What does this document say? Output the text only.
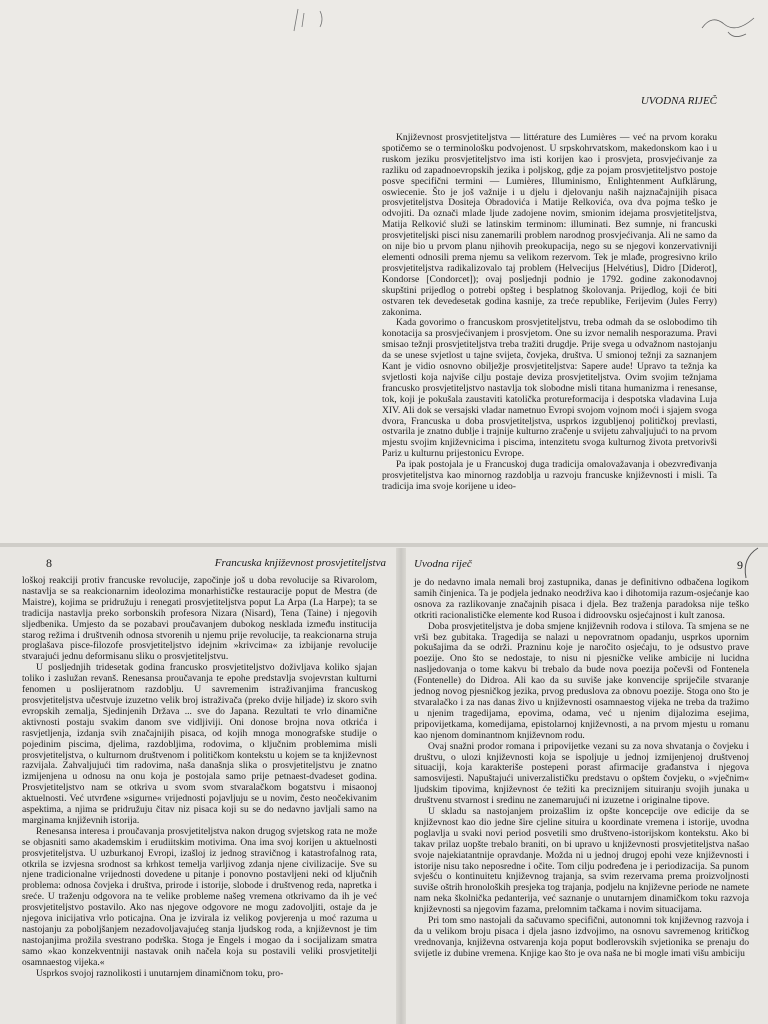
UVODNA RIJEČ

Književnost prosvjetiteljstva — littérature des Lumières — već na prvom koraku spotičemo se o terminološku podvojenost. U srpskohrvatskom, makedonskom kao i u ruskom jeziku prosvjetiteljstvo ima isti korijen kao i prosvjeta, prosvjećivanje za razliku od zapadnoevropskih jezika i poljskog, gdje za pojam prosvjetiteljstvo postoje posve specifični termini — Lumières, Illuminismo, Enlightenment Aufklärung, oswiecenie. Što je još važnije i u djelu i djelovanju naših najznačajnijih pisaca prosvjetiteljstva Dositeja Obradovića i Matije Relkovića, ova dva pojma teško je odvojiti. Da označi mlade ljude zadojene novim, smionim idejama prosvjetiteljstva, Matija Relković služi se latinskim terminom: illuminati. Bez sumnje, ni francuski prosvjetiteljski pisci nisu zanemarili problem narodnog prosvjećivanja. Ali ne samo da on nije bio u prvom planu njihovih preokupacija, nego su se njegovi konzervativniji elementi odnosili prema njemu sa velikom rezervom. Tek je mlađe, progresivno krilo prosvjetiteljstva radikalizovalo taj problem (Helvecijus [Helvétius], Didro [Diderot], Kondorse [Condorcet]); ovaj posljednji podnio je 1792. godine zakonodavnoj skupštini prijedlog o potrebi opšteg i besplatnog školovanja. Prijedlog, koji će biti ostvaren tek devedesetak godina kasnije, za treće republike, Ferijevim (Jules Ferry) zakonima.

Kada govorimo o francuskom prosvjetiteljstvu, treba odmah da se oslobodimo tih konotacija sa prosvjećivanjem i prosvjetom. One su izvor nemalih nesporazuma. Pravi smisao težnji prosvjetiteljstva treba tražiti drugdje. Prije svega u odvažnom nastojanju da se unese svjetlost u tajne svijeta, čovjeka, društva. U smionoj težnji za saznanjem Kant je vidio osnovno obilježje prosvjetiteljstva: Sapere aude! Upravo ta težnja ka svjetlosti koja najviše cilju postaje deviza prosvjetiteljstva. Ovim svojim težnjama francusko prosvjetiteljstvo nastavlja tok slobodne misli titana humanizma i renesanse, tok, koji je pokušala zaustaviti katolička protureformacija i despotska vladavina Luja XIV. Ali dok se versajski vladar nametnuo Evropi svojom vojnom moći i sjajem svoga dvora, Francuska u doba prosvjetiteljstva, usprkos izgubljenoj političkoj prevlasti, ostvarila je znatno dublje i trajnije kulturno zračenje u svijetu zahvaljujući to na prvom mjestu svojim književnicima i piscima, intenzitetu svoga kulturnog života pretvorivši Pariz u kulturnu prijestonicu Evrope.

Pa ipak postojala je u Francuskoj duga tradicija omalovažavanja i obezvređivanja prosvjetiteljstva kao minornog razdoblja u razvoju francuske književnosti i misli. Ta tradicija ima svoje korijene u ideo-

8	Francuska književnost prosvjetiteljstva

loškoj reakciji protiv francuske revolucije, započinje još u doba revolucije sa Rivarolom, nastavlja se sa reakcionarnim ideolozima monarhističke restauracije poput de Mestra (de Maistre), kojima se pridružuju i renegati prosvjetiteljstva poput La Arpa (La Harpe); ta se tradicija nastavlja preko sorbonskih profesora Nizara (Nisard), Tena (Taine) i njegovih sljedbenika. Umjesto da se pozabavi proučavanjem dubokog nesklada između institucija starog režima i društvenih odnosa stvorenih u njemu prije revolucije, ta reakcionarna struja proglašava pisce-filozofe prosvjetiteljstvo idejnim »krivcima« za izbijanje revolucije stvarajući jednu deformisanu sliku o prosvjetiteljstvu.

U posljednjih tridesetak godina francusko prosvjetiteljstvo doživljava koliko sjajan toliko i zaslužan revanš. Renesansa proučavanja te epohe predstavlja svojevrstan kulturni fenomen u poslijeratnom razdoblju. U savremenim istraživanjima francuskog prosvjetiteljstva učestvuje izuzetno velik broj istraživača (preko dvije hiljade) iz skoro svih evropskih zemalja, Sjedinjenih Država ... sve do Japana. Rezultati te vrlo dinamične aktivnosti postaju svakim danom sve vidljiviji. Oni donose brojna nova otkrića i rasvjetljenja, izdanja svih značajnijih pisaca, od kojih mnoga monografske studije o pojedinim piscima, djelima, razdobljima, rodovima, o ključnim problemima misli prosvjetiteljstva, o kulturnom društvenom i političkom kontekstu u kojem se ta književnost razvijala. Zahvaljujući tim radovima, naša današnja slika o prosvjetiteljstvu je znatno izmijenjena u odnosu na onu koja je postojala samo prije petnaest-dvadeset godina. Prosvjetiteljstvo nam se otkriva u svom svom stvaralačkom bogatstvu i misaonoj aktuelnosti. Već utvrđene »sigurne« vrijednosti pojavljuju se u novim, često neočekivanim aspektima, a njima se pridružuju čitav niz pisaca koji su se do nedavno javljali samo na marginama književnih istorija.

Renesansa interesa i proučavanja prosvjetiteljstva nakon drugog svjetskog rata ne može se objasniti samo akademskim i erudiitskim motivima. Ona ima svoj korijen u aktuelnosti prosvjetiteljstva. U uzburkanoj Evropi, izašloj iz jednog stravičnog i katastrofalnog rata, otkrila se izvjesna srodnost sa krhkost temelja varljivog zdanja njene civilizacije. Sve su njene tradicionalne vrijednosti dovedene u pitanje i ponovno postavljeni neki od ključnih problema: odnosa čovjeka i društva, prirode i istorije, slobode i društvenog reda, napretka i sreće. U traženju odgovora na te velike probleme našeg vremena otkrivamo da ih je već prosvjetiteljstvo postavilo. Ako nas njegove odgovore ne mogu zadovoljiti, ostaje da je njegova inicijativa vrlo poticajna. Ona je izvirala iz velikog povjerenja u moć razuma u nastojanju za poboljšanjem nezadovoljavajućeg stanja ljudskog roda, a književnost je tim nastojanjima prožila svestrano podrška. Stoga je Engels i mogao da i socijalizam smatra samo »kao konzekventniji nastavak onih načela koja su postavili veliki prosvjetitelji osamnaestog vijeka.«

Usprkos svojoj raznolikosti i unutarnjem dinamičnom toku, pro-

Uvodna riječ	9

je do nedavno imala nemali broj zastupnika, danas je definitivno odbačena logikom samih činjenica. Ta je podjela jednako neodrživa kao i dihotomija razum-osjećanje kao osnova za razlikovanje značajnih pisaca i djela. Bez traženja paradoksa nije teško otkriti racionalističke elemente kod Rusoa i didroovsku osjećajnost i kult zanosa.

Doba prosvjetiteljstva je doba smjene književnih rodova i stilova. Ta smjena se ne vrši bez gubitaka. Tragedija se nalazi u nepovratnom opadanju, usprkos upornim pokušajima da se održi. Prazninu koje je naročito osjećaju, to je odsustvo prave poezije. Ono što se nedostaje, to nisu ni pjesničke velike ambicije ni lucidna nasljedovanja o tome kakvu bi trebalo da bude nova poezija počevši od Fontenela (Fontenelle) do Didroa. Ali kao da su suviše jake konvencije spriječile stvaranje jednog novog pjesničkog jezika, prvog preduslova za obnovu poezije. Stoga ono što je stvaralačko i za nas danas živo u književnosti osamnaestog vijeka ne treba da tražimo u njenim tragedijama, epovima, odama, već u njenim dijalozima esejima, pripovijetkama, komedijama, epistolarnoj književnosti, a na prvom mjestu u romanu kao njenom dominantnom književnom rodu.

Ovaj snažni prodor romana i pripovijetke vezani su za nova shvatanja o čovjeku i društvu, o ulozi književnosti koja se ispoljuje u jednoj izmijenjenoj društvenoj situaciji, koja karakteriše postepeni porast afirmacije građanstva i njegova samosvijesti. Napuštajući univerzalističku predstavu o opštem čovjeku, o »vječnim« ljudskim tipovima, književnost će težiti ka preciznijem situiranju svojih junaka u društvenu stvarnost i sredinu ne zanemarujući ni izuzetne i originalne tipove.

U skladu sa nastojanjem proizašlim iz opšte koncepcije ove edicije da se književnost kao dio jedne šire cjeline situira u koordinate vremena i istorije, uvodna poglavlja u svaki novi period posvetili smo društveno-istorijskom kontekstu. Ako bi takav prilaz uopšte trebalo braniti, on bi upravo u književnosti prosvjetiteljstva našao svoje najekiatantnije opravdanje. Možda ni u jednoj drugoj epohi veze književnosti i istorije nisu tako neposredne i očite. Tom cilju podređena je i periodizacija. Sa punom svješću o kontinuitetu književnog trajanja, sa svim rezervama prema proizvoljnosti suviše oštrih hronoloških presjeka tog trajanja, podjelu na književne periode ne namete nam neka školnička pedanterija, već saznanje o unutarnjem dinamičkom toku razvoja književnosti sa njegovim fazama, prelomnim tačkama i novim situacijama.

Pri tom smo nastojali da sačuvamo specifični, autonomni tok književnog razvoja i da u velikom broju pisaca i djela jasno izdvojimo, na osnovu savremenog kritičkog vrednovanja, književna ostvarenja koja poput bodlerovskih svjetionika se prenaju do svijetle iz dubine vremena. Knjige kao što je ova naša ne bi mogle imati višu ambiciju
